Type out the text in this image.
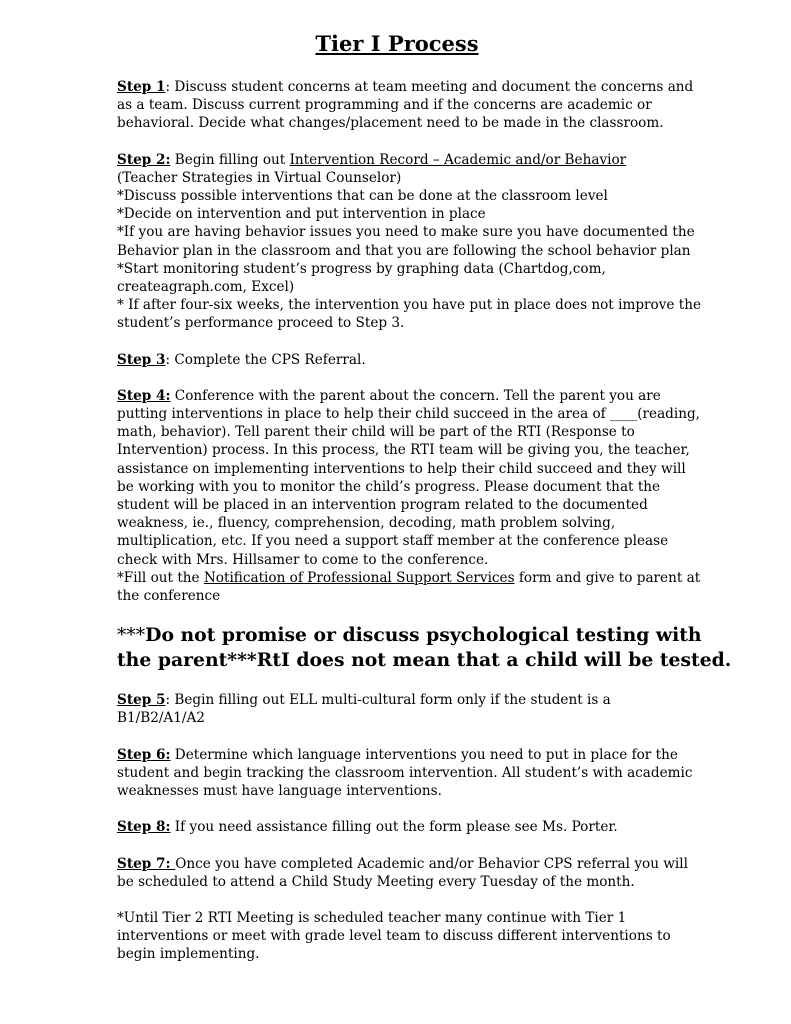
Tier I Process
Step 1: Discuss student concerns at team meeting and document the concerns and
as a team. Discuss current programming and if the concerns are academic or
behavioral. Decide what changes/placement need to be made in the classroom.
Step 2: Begin filling out Intervention Record – Academic and/or Behavior
(Teacher Strategies in Virtual Counselor)
*Discuss possible interventions that can be done at the classroom level
*Decide on intervention and put intervention in place
*If you are having behavior issues you need to make sure you have documented the
Behavior plan in the classroom and that you are following the school behavior plan
*Start monitoring student’s progress by graphing data (Chartdog,com,
createagraph.com, Excel)
* If after four-six weeks, the intervention you have put in place does not improve the
student’s performance proceed to Step 3.
Step 3: Complete the CPS Referral.
Step 4: Conference with the parent about the concern. Tell the parent you are
putting interventions in place to help their child succeed in the area of ____(reading,
math, behavior). Tell parent their child will be part of the RTI (Response to
Intervention) process. In this process, the RTI team will be giving you, the teacher,
assistance on implementing interventions to help their child succeed and they will
be working with you to monitor the child’s progress. Please document that the
student will be placed in an intervention program related to the documented
weakness, ie., fluency, comprehension, decoding, math problem solving,
multiplication, etc. If you need a support staff member at the conference please
check with Mrs. Hillsamer to come to the conference.
*Fill out the Notification of Professional Support Services form and give to parent at
the conference
***Do not promise or discuss psychological testing with
the parent***RtI does not mean that a child will be tested.
Step 5: Begin filling out ELL multi-cultural form only if the student is a
B1/B2/A1/A2
Step 6: Determine which language interventions you need to put in place for the
student and begin tracking the classroom intervention. All student’s with academic
weaknesses must have language interventions.
Step 8: If you need assistance filling out the form please see Ms. Porter.
Step 7: Once you have completed Academic and/or Behavior CPS referral you will
be scheduled to attend a Child Study Meeting every Tuesday of the month.
*Until Tier 2 RTI Meeting is scheduled teacher many continue with Tier 1
interventions or meet with grade level team to discuss different interventions to
begin implementing.
